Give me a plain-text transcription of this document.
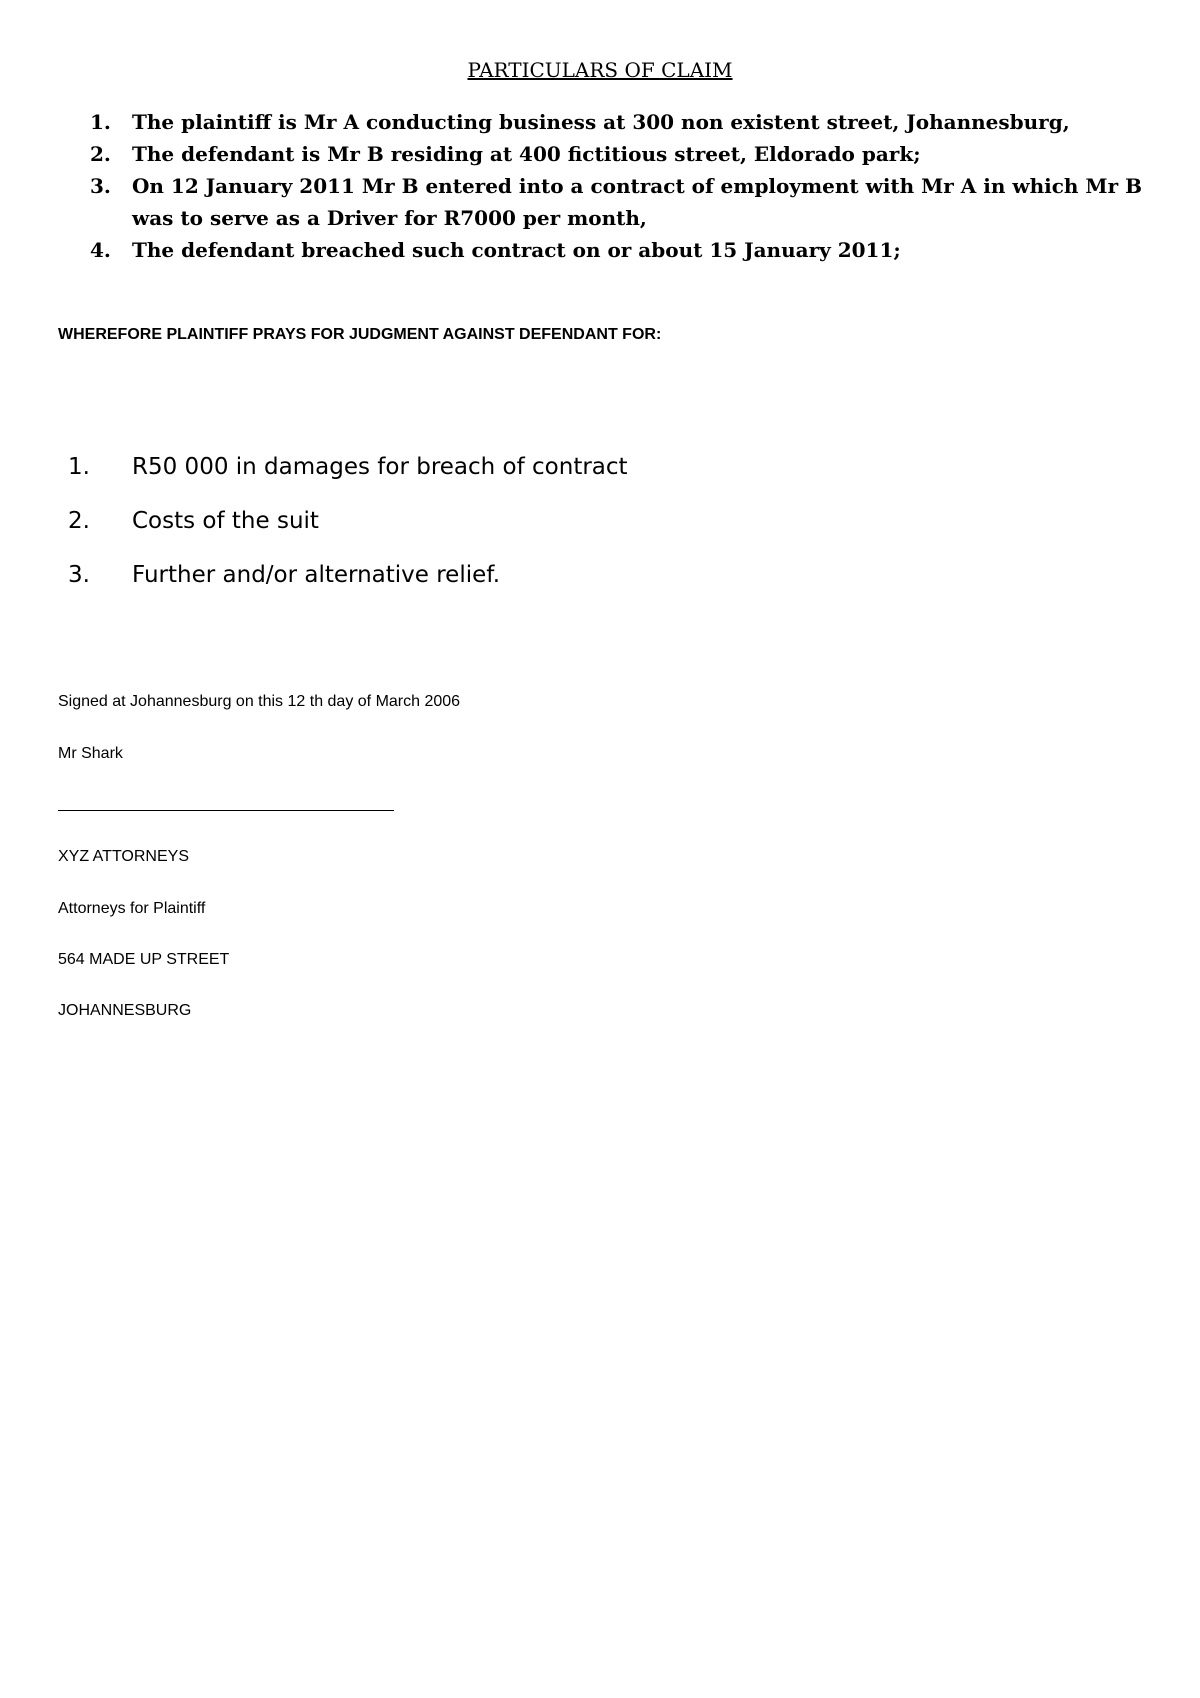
PARTICULARS OF CLAIM
1.	The plaintiff is Mr A conducting business at 300 non existent street, Johannesburg,
2.	The defendant is Mr B residing at 400 fictitious street, Eldorado park;
3.	On 12 January 2011 Mr B entered into a contract of employment with Mr A in which Mr B was to serve as a Driver for R7000 per month,
4.	The defendant breached such contract on or about 15 January 2011;
WHEREFORE PLAINTIFF PRAYS FOR JUDGMENT AGAINST DEFENDANT FOR:
1. R50 000 in damages for breach of contract
2. Costs of the suit
3. Further and/or alternative relief.
Signed at Johannesburg on this 12 th day of March 2006
Mr Shark
XYZ ATTORNEYS
Attorneys for Plaintiff
564 MADE UP STREET
JOHANNESBURG
